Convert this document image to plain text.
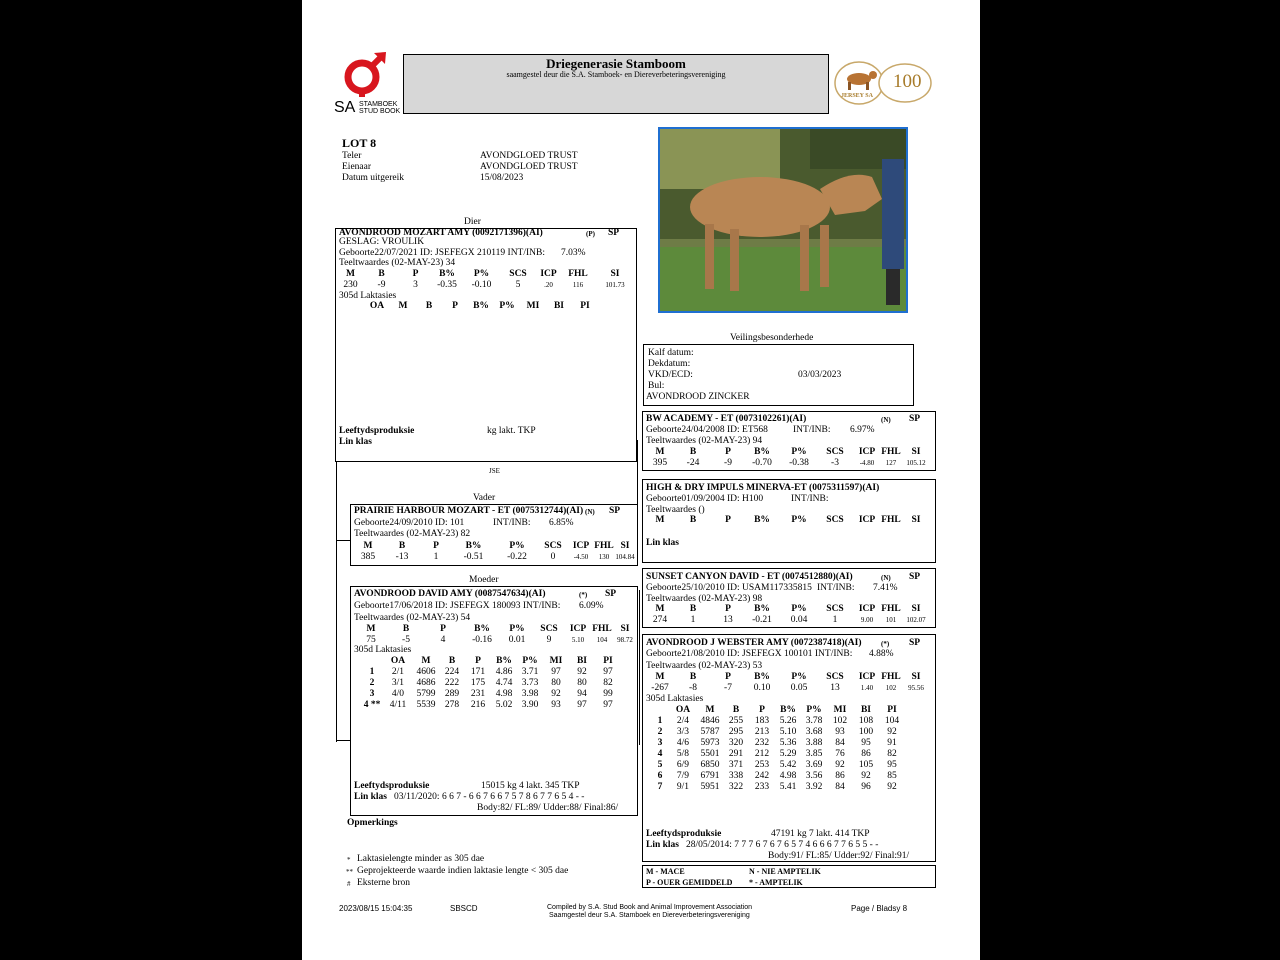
SA STAMBOEK
STUD BOOK
Driegenerasie Stamboom
saamgestel deur die S.A. Stamboek- en Diereverbeteringsvereniging
JERSEY SA
100
LOT 8
Teler	AVONDGLOED TRUST
Eienaar	AVONDGLOED TRUST
Datum uitgereik	15/08/2023
Dier
AVONDROOD MOZART AMY (0092171396)(AI)	(P) SP
GESLAG: VROULIK
Geboorte22/07/2021 ID: JSEFEGX 210119 INT/INB: 7.03%
Teeltwaardes (02-MAY-23) 34
M	B	P	B%	P%	SCS	ICP	FHL	SI
230	-9	3	-0.35	-0.10	5	.20	116	101.73
305d Laktasies
OA	M	B	P	B%	P%	MI	BI	PI
Leeftydsproduksie	kg lakt. TKP
Lin klas
JSE
Vader
PRAIRIE HARBOUR MOZART - ET (0075312744)(AI) (N) SP
Geboorte24/09/2010 ID: 101	INT/INB: 6.85%
Teeltwaardes (02-MAY-23) 82
M	B	P	B%	P%	SCS	ICP FHL SI
385	-13	1	-0.51	-0.22	0	-4.50	130 104.84
Moeder
AVONDROOD DAVID AMY (0087547634)(AI)	(*) SP
Geboorte17/06/2018 ID: JSEFEGX 180093 INT/INB: 6.09%
Teeltwaardes (02-MAY-23) 54
M	B	P	B%	P%	SCS	ICP FHL SI
75	-5	4	-0.16	0.01	9	5.10	104	98.72
305d Laktasies
OA	M	B	P	B%	P%	MI	BI	PI
1	2/1	4606 224	171	4.86 3.71	97	92	97
2	3/1	4686 222	175	4.74 3.73	80	80	82
3	4/0	5799 289	231	4.98 3.98	92	94	99
4 ** 4/11	5539 278	216	5.02 3.90	93	97	97
Leeftydsproduksie	15015 kg 4 lakt. 345 TKP
Lin klas 03/11/2020: 6 6 7 - 6 6 7 6 6 7 5 7 8 6 7 7 6 5 4 - -
Body:82/ FL:89/ Udder:88/ Final:86/
Veilingsbesonderhede
Kalf datum:
Dekdatum:
VKD/ECD:	03/03/2023
Bul:
AVONDROOD ZINCKER
BW ACADEMY - ET (0073102261)(AI)	(N) SP
Geboorte24/04/2008 ID: ET568	INT/INB: 6.97%
Teeltwaardes (02-MAY-23) 94
M	B	P	B%	P%	SCS	ICP FHL	SI
395	-24	-9	-0.70	-0.38	-3	-4.80	127	105.12
HIGH & DRY IMPULS MINERVA-ET (0075311597)(AI)
Geboorte01/09/2004 ID: H100	INT/INB:
Teeltwaardes ()
M	B	P	B%	P%	SCS	ICP FHL	SI
Lin klas
SUNSET CANYON DAVID - ET (0074512880)(AI)	(N) SP
Geboorte25/10/2010 ID: USAM117335815 INT/INB: 7.41%
Teeltwaardes (02-MAY-23) 98
M	B	P	B%	P%	SCS	ICP FHL	SI
274	1	13	-0.21	0.04	1	9.00	101	102.07
AVONDROOD J WEBSTER AMY (0072387418)(AI)	(*) SP
Geboorte21/08/2010 ID: JSEFEGX 100101 INT/INB: 4.88%
Teeltwaardes (02-MAY-23) 53
M	B	P	B%	P%	SCS	ICP FHL	SI
-267	-8	-7	0.10	0.05	13	1.40	102	95.56
305d Laktasies
OA	M	B	P	B%	P%	MI	BI	PI
1	2/4	4846 255	183	5.26 3.78	102	108	104
2	3/3	5787 295	213	5.10 3.68	93	100	92
3	4/6	5973 320	232	5.36 3.88	84	95	91
4	5/8	5501 291	212	5.29 3.85	76	86	82
5	6/9	6850 371	253	5.42 3.69	92	105	95
6	7/9	6791 338	242	4.98 3.56	86	92	85
7	9/1	5951 322	233	5.41 3.92	84	96	92
Leeftydsproduksie	47191 kg 7 lakt. 414 TKP
Lin klas 28/05/2014: 7 7 7 6 7 6 7 6 5 7 4 6 6 6 7 7 6 5 5 - -
Body:91/ FL:85/ Udder:92/ Final:91/
M - MACE	N - NIE AMPTELIK
P - OUER GEMIDDELD * - AMPTELIK
Opmerkings
* Laktasielengte minder as 305 dae
** Geprojekteerde waarde indien laktasie lengte < 305 dae
# Eksterne bron
2023/08/15 15:04:35	SBSCD	Compiled by S.A. Stud Book and Animal Improvement Association
Saamgestel deur S.A. Stamboek en Diereverbeteringsvereniging
Page / Bladsy 8
